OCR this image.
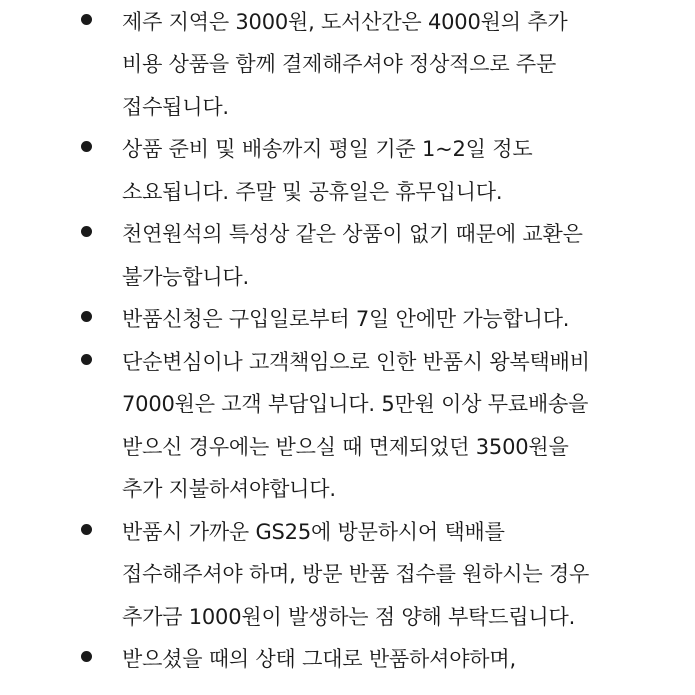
제주 지역은 3000원, 도서산간은 4000원의 추가
비용 상품을 함께 결제해주셔야 정상적으로 주문
접수됩니다.
상품 준비 및 배송까지 평일 기준 1~2일 정도
소요됩니다. 주말 및 공휴일은 휴무입니다.
천연원석의 특성상 같은 상품이 없기 때문에 교환은
불가능합니다.
반품신청은 구입일로부터 7일 안에만 가능합니다.
단순변심이나 고객책임으로 인한 반품시 왕복택배비
7000원은 고객 부담입니다. 5만원 이상 무료배송을
받으신 경우에는 받으실 때 면제되었던 3500원을
추가 지불하셔야합니다.
반품시 가까운 GS25에 방문하시어 택배를
접수해주셔야 하며, 방문 반품 접수를 원하시는 경우
추가금 1000원이 발생하는 점 양해 부탁드립니다.
받으셨을 때의 상태 그대로 반품하셔야하며,
